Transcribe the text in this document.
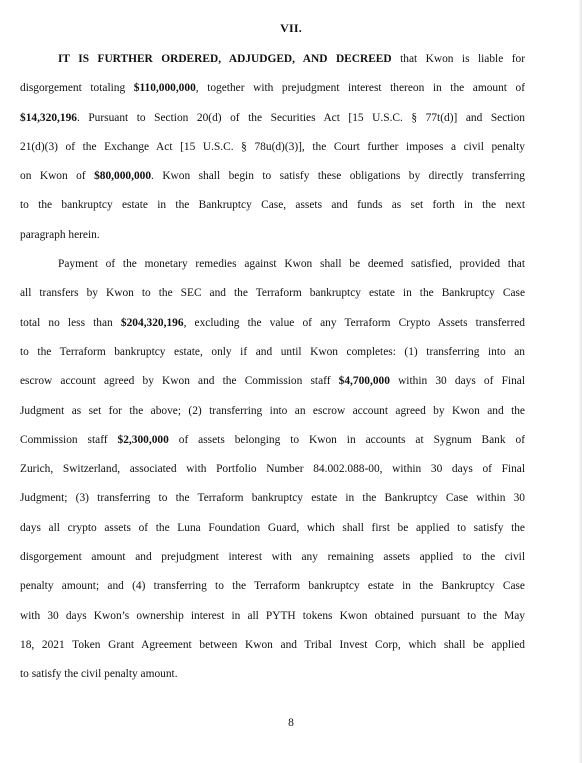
VII.
IT IS FURTHER ORDERED, ADJUDGED, AND DECREED that Kwon is liable for
disgorgement totaling $110,000,000, together with prejudgment interest thereon in the amount of
$14,320,196. Pursuant to Section 20(d) of the Securities Act [15 U.S.C. § 77t(d)] and Section
21(d)(3) of the Exchange Act [15 U.S.C. § 78u(d)(3)], the Court further imposes a civil penalty
on Kwon of $80,000,000. Kwon shall begin to satisfy these obligations by directly transferring
to the bankruptcy estate in the Bankruptcy Case, assets and funds as set forth in the next
paragraph herein.
Payment of the monetary remedies against Kwon shall be deemed satisfied, provided that
all transfers by Kwon to the SEC and the Terraform bankruptcy estate in the Bankruptcy Case
total no less than $204,320,196, excluding the value of any Terraform Crypto Assets transferred
to the Terraform bankruptcy estate, only if and until Kwon completes: (1) transferring into an
escrow account agreed by Kwon and the Commission staff $4,700,000 within 30 days of Final
Judgment as set for the above; (2) transferring into an escrow account agreed by Kwon and the
Commission staff $2,300,000 of assets belonging to Kwon in accounts at Sygnum Bank of
Zurich, Switzerland, associated with Portfolio Number 84.002.088-00, within 30 days of Final
Judgment; (3) transferring to the Terraform bankruptcy estate in the Bankruptcy Case within 30
days all crypto assets of the Luna Foundation Guard, which shall first be applied to satisfy the
disgorgement amount and prejudgment interest with any remaining assets applied to the civil
penalty amount; and (4) transferring to the Terraform bankruptcy estate in the Bankruptcy Case
with 30 days Kwon’s ownership interest in all PYTH tokens Kwon obtained pursuant to the May
18, 2021 Token Grant Agreement between Kwon and Tribal Invest Corp, which shall be applied
to satisfy the civil penalty amount.
8
